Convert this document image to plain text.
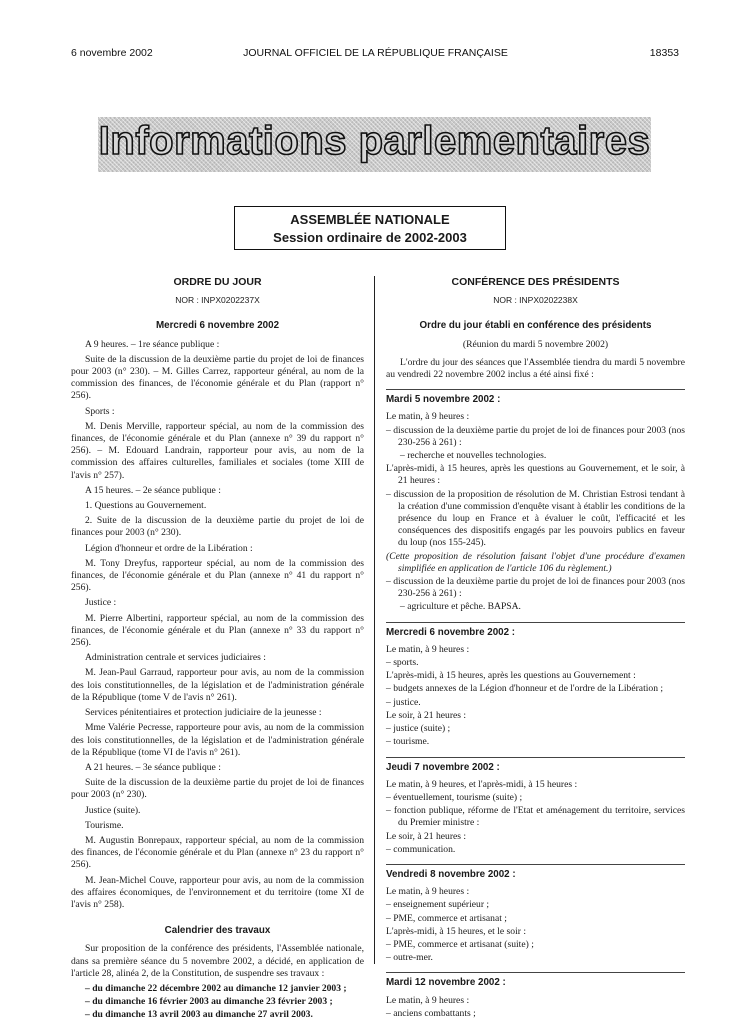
6 novembre 2002	JOURNAL OFFICIEL DE LA RÉPUBLIQUE FRANÇAISE	18353
Informations parlementaires
ASSEMBLÉE NATIONALE
Session ordinaire de 2002-2003
ORDRE DU JOUR
NOR : INPX0202237X
Mercredi 6 novembre 2002

A 9 heures. – 1re séance publique :

Suite de la discussion de la deuxième partie du projet de loi de finances pour 2003 (n° 230). – M. Gilles Carrez, rapporteur général, au nom de la commission des finances, de l'économie générale et du Plan (rapport n° 256).

Sports :

M. Denis Merville, rapporteur spécial, au nom de la commission des finances, de l'économie générale et du Plan (annexe n° 39 du rapport n° 256). – M. Edouard Landrain, rapporteur pour avis, au nom de la commission des affaires culturelles, familiales et sociales (tome XIII de l'avis n° 257).

A 15 heures. – 2e séance publique :

1. Questions au Gouvernement.

2. Suite de la discussion de la deuxième partie du projet de loi de finances pour 2003 (n° 230).

Légion d'honneur et ordre de la Libération :

M. Tony Dreyfus, rapporteur spécial, au nom de la commission des finances, de l'économie générale et du Plan (annexe n° 41 du rapport n° 256).

Justice :

M. Pierre Albertini, rapporteur spécial, au nom de la commission des finances, de l'économie générale et du Plan (annexe n° 33 du rapport n° 256).

Administration centrale et services judiciaires :

M. Jean-Paul Garraud, rapporteur pour avis, au nom de la commission des lois constitutionnelles, de la législation et de l'administration générale de la République (tome V de l'avis n° 261).

Services pénitentiaires et protection judiciaire de la jeunesse :

Mme Valérie Pecresse, rapporteure pour avis, au nom de la commission des lois constitutionnelles, de la législation et de l'administration générale de la République (tome VI de l'avis n° 261).

A 21 heures. – 3e séance publique :

Suite de la discussion de la deuxième partie du projet de loi de finances pour 2003 (n° 230).

Justice (suite).

Tourisme.

M. Augustin Bonrepaux, rapporteur spécial, au nom de la commission des finances, de l'économie générale et du Plan (annexe n° 23 du rapport n° 256).

M. Jean-Michel Couve, rapporteur pour avis, au nom de la commission des affaires économiques, de l'environnement et du territoire (tome XI de l'avis n° 258).

Calendrier des travaux

Sur proposition de la conférence des présidents, l'Assemblée nationale, dans sa première séance du 5 novembre 2002, a décidé, en application de l'article 28, alinéa 2, de la Constitution, de suspendre ses travaux :

– du dimanche 22 décembre 2002 au dimanche 12 janvier 2003 ;
– du dimanche 16 février 2003 au dimanche 23 février 2003 ;
– du dimanche 13 avril 2003 au dimanche 27 avril 2003.
CONFÉRENCE DES PRÉSIDENTS
NOR : INPX0202238X
Ordre du jour établi en conférence des présidents
(Réunion du mardi 5 novembre 2002)

L'ordre du jour des séances que l'Assemblée tiendra du mardi 5 novembre au vendredi 22 novembre 2002 inclus a été ainsi fixé :

Mardi 5 novembre 2002 :
Le matin, à 9 heures :
– discussion de la deuxième partie du projet de loi de finances pour 2003 (nos 230-256 à 261) :
– recherche et nouvelles technologies.
L'après-midi, à 15 heures, après les questions au Gouvernement, et le soir, à 21 heures :
– discussion de la proposition de résolution de M. Christian Estrosi tendant à la création d'une commission d'enquête visant à établir les conditions de la présence du loup en France et à évaluer le coût, l'efficacité et les conséquences des dispositifs engagés par les pouvoirs publics en faveur du loup (nos 155-245).
(Cette proposition de résolution faisant l'objet d'une procédure d'examen simplifiée en application de l'article 106 du règlement.)
– discussion de la deuxième partie du projet de loi de finances pour 2003 (nos 230-256 à 261) :
– agriculture et pêche. BAPSA.
Mercredi 6 novembre 2002 :
Le matin, à 9 heures :
– sports.
L'après-midi, à 15 heures, après les questions au Gouvernement :
– budgets annexes de la Légion d'honneur et de l'ordre de la Libération ;
– justice.
Le soir, à 21 heures :
– justice (suite) ;
– tourisme.
Jeudi 7 novembre 2002 :
Le matin, à 9 heures, et l'après-midi, à 15 heures :
– éventuellement, tourisme (suite) ;
– fonction publique, réforme de l'Etat et aménagement du territoire, services du Premier ministre :
Le soir, à 21 heures :
– communication.
Vendredi 8 novembre 2002 :
Le matin, à 9 heures :
– enseignement supérieur ;
– PME, commerce et artisanat ;
L'après-midi, à 15 heures, et le soir :
– PME, commerce et artisanat (suite) ;
– outre-mer.
Mardi 12 novembre 2002 :
Le matin, à 9 heures :
– anciens combattants ;
